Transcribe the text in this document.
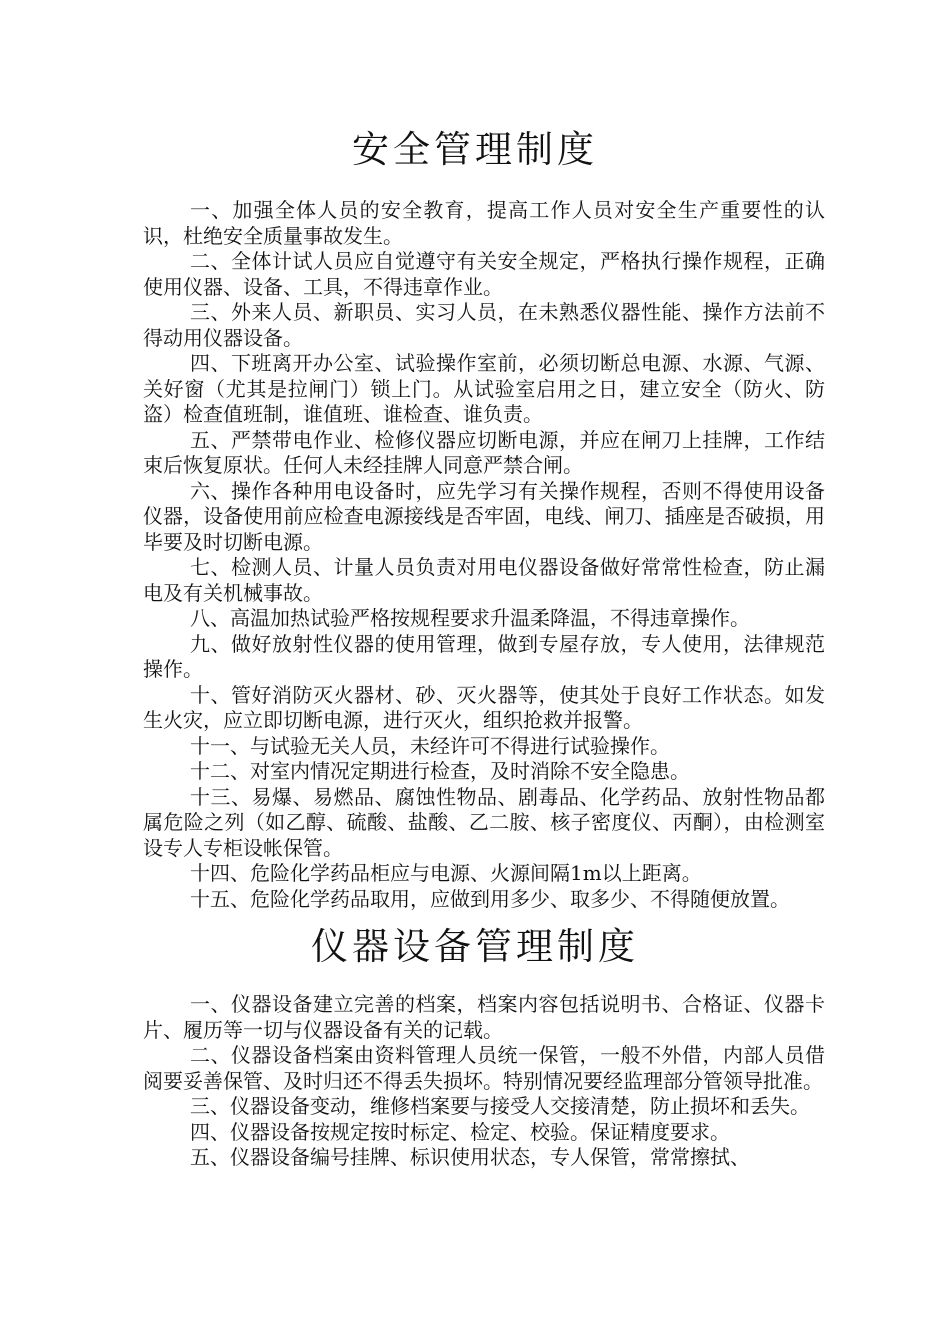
安全管理制度

一、加强全体人员的安全教育，提高工作人员对安全生产重要性的认识，杜绝安全质量事故发生。

二、全体计试人员应自觉遵守有关安全规定，严格执行操作规程，正确使用仪器、设备、工具，不得违章作业。

三、外来人员、新职员、实习人员，在未熟悉仪器性能、操作方法前不得动用仪器设备。

四、下班离开办公室、试验操作室前，必须切断总电源、水源、气源、关好窗（尤其是拉闸门）锁上门。从试验室启用之日，建立安全（防火、防盗）检查值班制，谁值班、谁检查、谁负责。

五、严禁带电作业、检修仪器应切断电源，并应在闸刀上挂牌，工作结束后恢复原状。任何人未经挂牌人同意严禁合闸。

六、操作各种用电设备时，应先学习有关操作规程，否则不得使用设备仪器，设备使用前应检查电源接线是否牢固，电线、闸刀、插座是否破损，用毕要及时切断电源。

七、检测人员、计量人员负责对用电仪器设备做好常常性检查，防止漏电及有关机械事故。

八、高温加热试验严格按规程要求升温柔降温，不得违章操作。

九、做好放射性仪器的使用管理，做到专屋存放，专人使用，法律规范操作。

十、管好消防灭火器材、砂、灭火器等，使其处于良好工作状态。如发生火灾，应立即切断电源，进行灭火，组织抢救并报警。

十一、与试验无关人员，未经许可不得进行试验操作。

十二、对室内情况定期进行检查，及时消除不安全隐患。

十三、易爆、易燃品、腐蚀性物品、剧毒品、化学药品、放射性物品都属危险之列（如乙醇、硫酸、盐酸、乙二胺、核子密度仪、丙酮），由检测室设专人专柜设帐保管。

十四、危险化学药品柜应与电源、火源间隔1m以上距离。

十五、危险化学药品取用，应做到用多少、取多少、不得随便放置。

仪器设备管理制度

一、仪器设备建立完善的档案，档案内容包括说明书、合格证、仪器卡片、履历等一切与仪器设备有关的记载。

二、仪器设备档案由资料管理人员统一保管，一般不外借，内部人员借阅要妥善保管、及时归还不得丢失损坏。特别情况要经监理部分管领导批准。

三、仪器设备变动，维修档案要与接受人交接清楚，防止损坏和丢失。

四、仪器设备按规定按时标定、检定、校验。保证精度要求。

五、仪器设备编号挂牌、标识使用状态，专人保管，常常擦拭、
